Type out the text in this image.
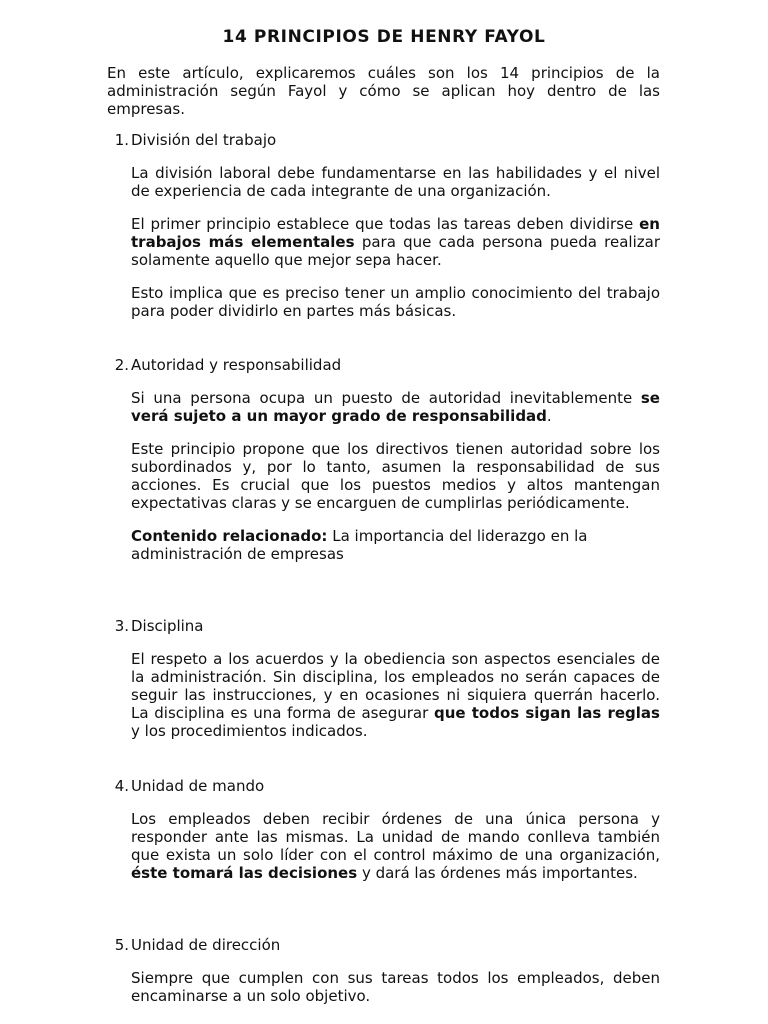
14 PRINCIPIOS DE HENRY FAYOL

En este artículo, explicaremos cuáles son los 14 principios de la administración según Fayol y cómo se aplican hoy dentro de las empresas.

1. División del trabajo

La división laboral debe fundamentarse en las habilidades y el nivel de experiencia de cada integrante de una organización.

El primer principio establece que todas las tareas deben dividirse en trabajos más elementales para que cada persona pueda realizar solamente aquello que mejor sepa hacer.

Esto implica que es preciso tener un amplio conocimiento del trabajo para poder dividirlo en partes más básicas.

2. Autoridad y responsabilidad

Si una persona ocupa un puesto de autoridad inevitablemente se verá sujeto a un mayor grado de responsabilidad.

Este principio propone que los directivos tienen autoridad sobre los subordinados y, por lo tanto, asumen la responsabilidad de sus acciones. Es crucial que los puestos medios y altos mantengan expectativas claras y se encarguen de cumplirlas periódicamente.

Contenido relacionado: La importancia del liderazgo en la administración de empresas

3. Disciplina

El respeto a los acuerdos y la obediencia son aspectos esenciales de la administración. Sin disciplina, los empleados no serán capaces de seguir las instrucciones, y en ocasiones ni siquiera querrán hacerlo. La disciplina es una forma de asegurar que todos sigan las reglas y los procedimientos indicados.

4. Unidad de mando

Los empleados deben recibir órdenes de una única persona y responder ante las mismas. La unidad de mando conlleva también que exista un solo líder con el control máximo de una organización, éste tomará las decisiones y dará las órdenes más importantes.

5. Unidad de dirección

Siempre que cumplen con sus tareas todos los empleados, deben encaminarse a un solo objetivo.
